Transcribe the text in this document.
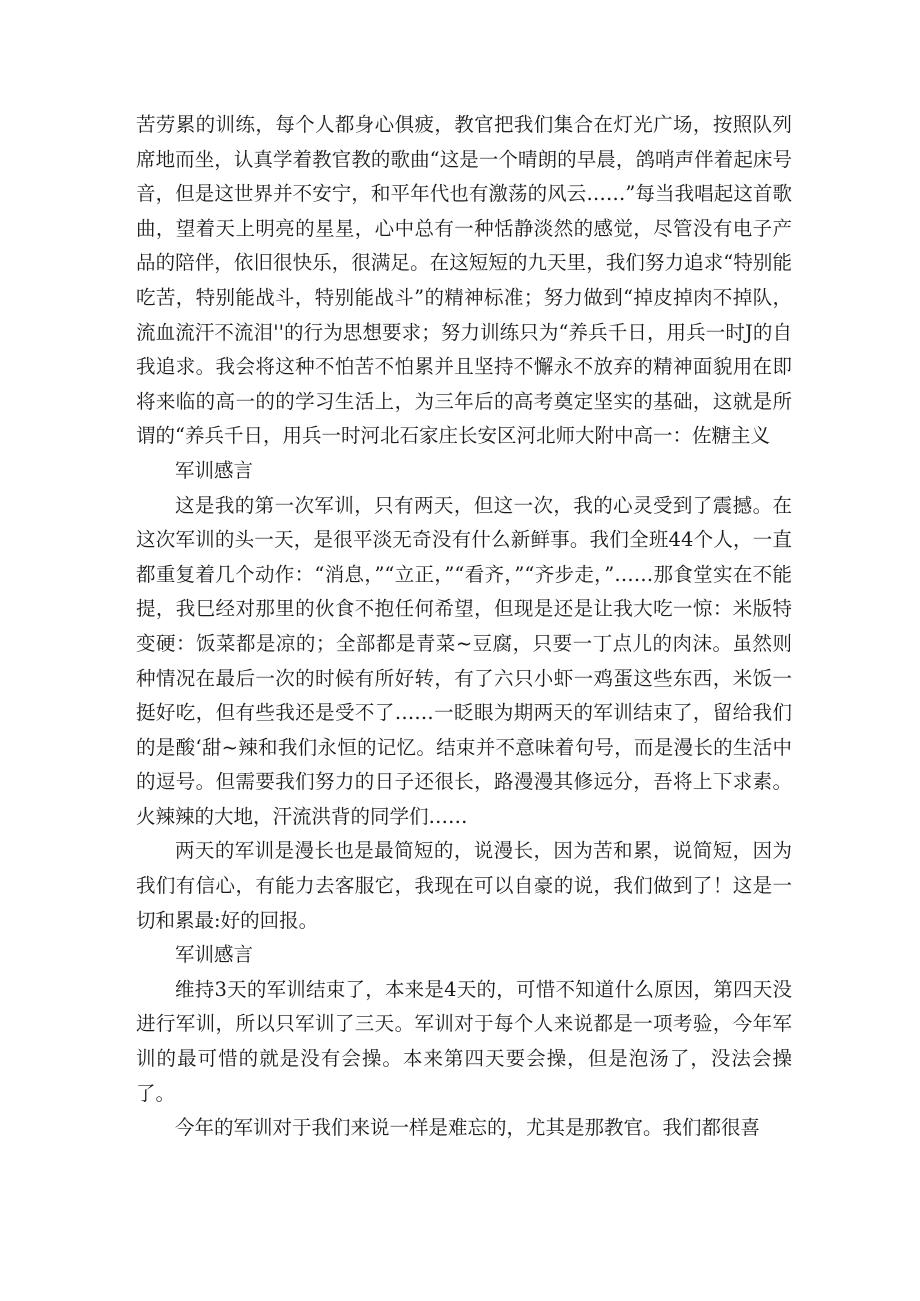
苦劳累的训练，每个人都身心俱疲，教官把我们集合在灯光广场，按照队列席地而坐，认真学着教官教的歌曲“这是一个晴朗的早晨，鸽哨声伴着起床号音，但是这世界并不安宁，和平年代也有激荡的风云……”每当我唱起这首歌曲，望着天上明亮的星星，心中总有一种恬静淡然的感觉，尽管没有电子产品的陪伴，依旧很快乐，很满足。在这短短的九天里，我们努力追求“特别能吃苦，特别能战斗，特别能战斗”的精神标准；努力做到“掉皮掉肉不掉队，流血流汗不流泪''的行为思想要求；努力训练只为“养兵千日，用兵一时J的自我追求。我会将这种不怕苦不怕累并且坚持不懈永不放弃的精神面貌用在即将来临的高一的的学习生活上，为三年后的高考奠定坚实的基础，这就是所谓的“养兵千日，用兵一时河北石家庄长安区河北师大附中高一：佐糖主义

军训感言

这是我的第一次军训，只有两天，但这一次，我的心灵受到了震撼。在这次军训的头一天，是很平淡无奇没有什么新鲜事。我们全班44个人，一直都重复着几个动作：“消息，”“立正，”“看齐，”“齐步走，”……那食堂实在不能提，我巳经对那里的伙食不抱任何希望，但现是还是让我大吃一惊：米版特变硬：饭菜都是凉的；全部都是青菜~豆腐，只要一丁点儿的肉沫。虽然则种情况在最后一次的时候有所好转，有了六只小虾一鸡蛋这些东西，米饭一挺好吃，但有些我还是受不了……一眨眼为期两天的军训结束了，留给我们的是酸‘甜~辣和我们永恒的记忆。结束并不意味着句号，而是漫长的生活中的逗号。但需要我们努力的日子还很长，路漫漫其修远分，吾将上下求素。火辣辣的大地，汗流洪背的同学们……

两天的军训是漫长也是最简短的，说漫长，因为苦和累，说简短，因为我们有信心，有能力去客服它，我现在可以自豪的说，我们做到了！这是一切和累最:好的回报。

军训感言

维持3天的军训结束了，本来是4天的，可惜不知道什么原因，第四天没进行军训，所以只军训了三天。军训对于每个人来说都是一项考验，今年军训的最可惜的就是没有会操。本来第四天要会操，但是泡汤了，没法会操了。

今年的军训对于我们来说一样是难忘的，尤其是那教官。我们都很喜
